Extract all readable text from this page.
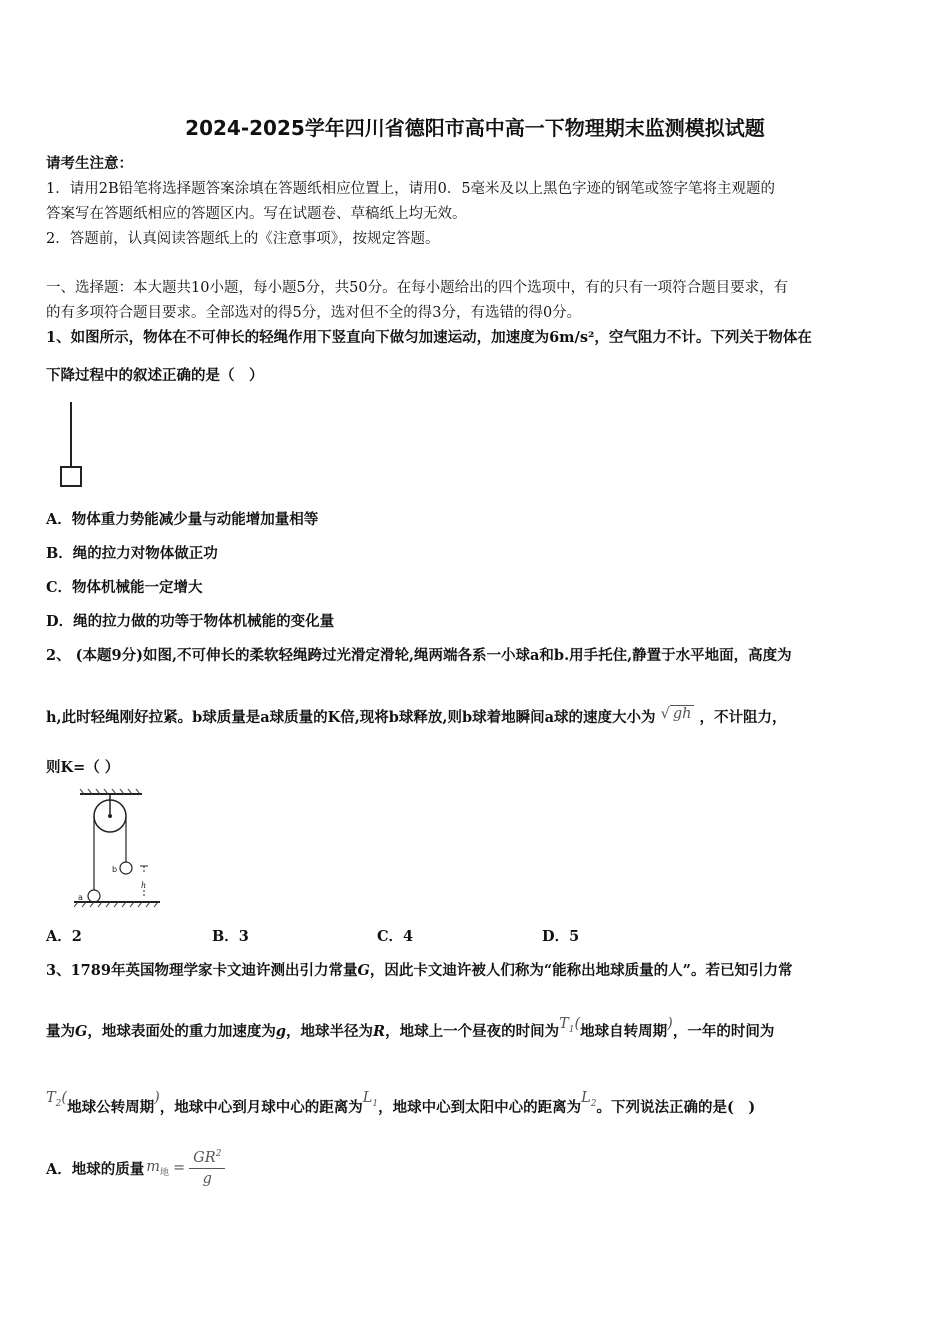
2024-2025学年四川省德阳市高中高一下物理期末监测模拟试题
请考生注意：
1．请用2B铅笔将选择题答案涂填在答题纸相应位置上，请用0．5毫米及以上黑色字迹的钢笔或签字笔将主观题的
答案写在答题纸相应的答题区内。写在试题卷、草稿纸上均无效。
2．答题前，认真阅读答题纸上的《注意事项》，按规定答题。
一、选择题：本大题共10小题，每小题5分，共50分。在每小题给出的四个选项中，有的只有一项符合题目要求，有
的有多项符合题目要求。全部选对的得5分，选对但不全的得3分，有选错的得0分。
1、如图所示，物体在不可伸长的轻绳作用下竖直向下做匀加速运动，加速度为6m/s²，空气阻力不计。下列关于物体在
下降过程中的叙述正确的是（　）
A．物体重力势能减少量与动能增加量相等
B．绳的拉力对物体做正功
C．物体机械能一定增大
D．绳的拉力做的功等于物体机械能的变化量
2、 (本题9分)如图,不可伸长的柔软轻绳跨过光滑定滑轮,绳两端各系一小球a和b.用手托住,静置于水平地面，高度为
h,此时轻绳刚好拉紧。b球质量是a球质量的K倍,现将b球释放,则b球着地瞬间a球的速度大小为 √ gh ，不计阻力，
则K=（ ）
b
h
a
A．2	B．3	C．4	D．5
3、1789年英国物理学家卡文迪许测出引力常量G，因此卡文迪许被人们称为“能称出地球质量的人”。若已知引力常
量为G，地球表面处的重力加速度为g，地球半径为R，地球上一个昼夜的时间为$T_1$(地球自转周期)，一年的时间为
$T_2$(地球公转周期)，地球中心到月球中心的距离为$L_1$，地球中心到太阳中心的距离为$L_2$。下列说法正确的是(　)
A．地球的质量 $m_地 = \frac{GR^2}{g}$
